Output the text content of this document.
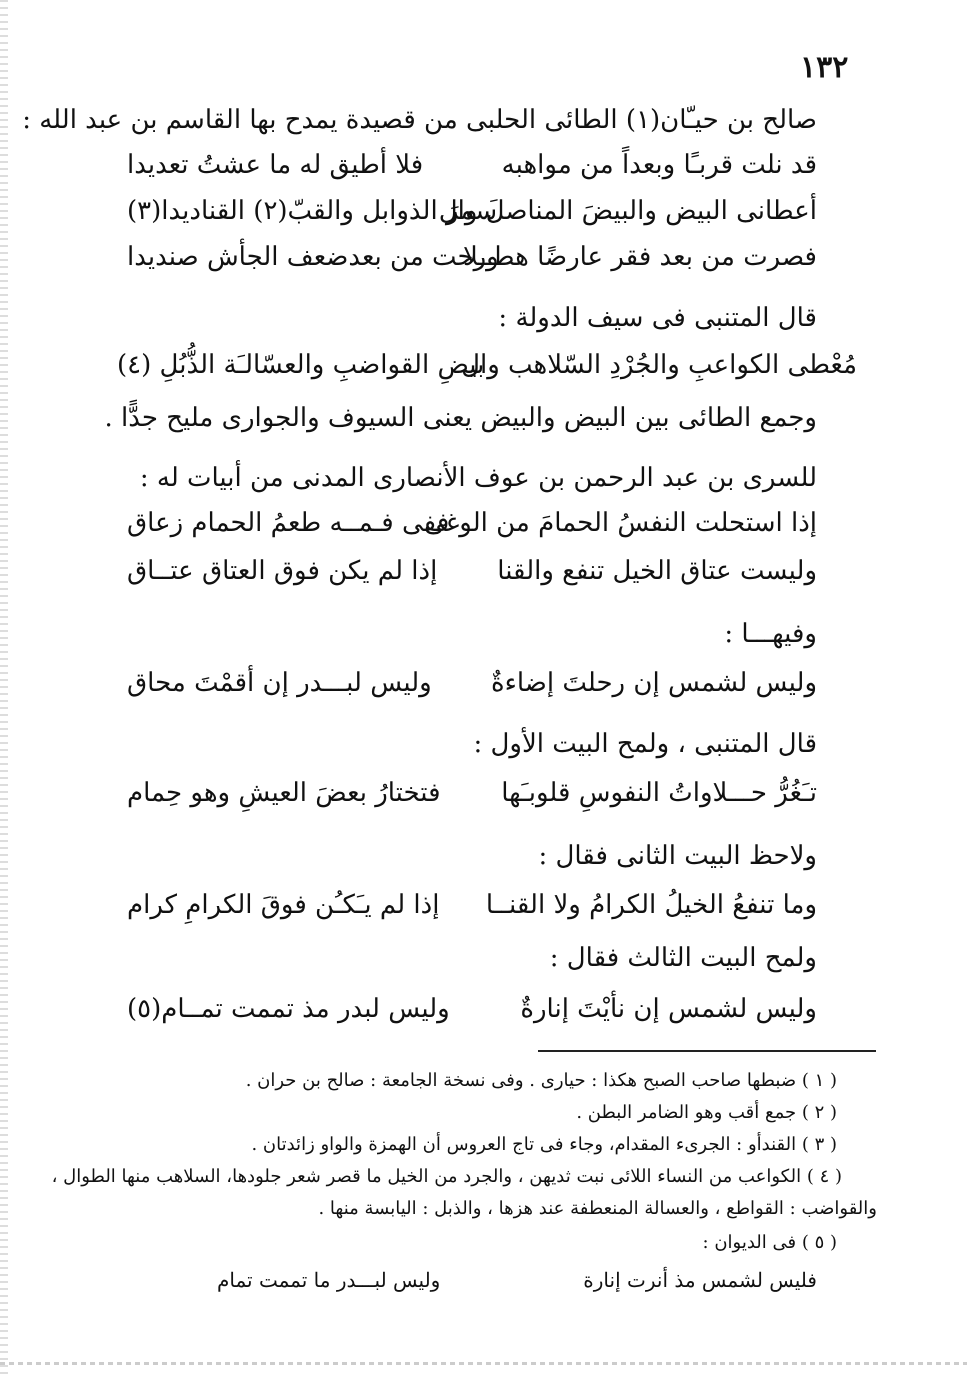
١٣٢
صالح بن حيـّان(١) الطائى الحلبى من قصيدة يمدح بها القاسم بن عبد الله :
قد نلت قربـًا وبعداً من مواهبه
فلا أطيق له ما عشتُ تعديدا
أعطانى البيض والبيضَ المناصلَ وال
سمرَ الذوابل والقبّ(٢) القناديدا(٣)
فصرت من بعد فقر عارضًا هطــلا
ورحت من بعدضعف الجأش صنديدا
قال المتنبى فى سيف الدولة :
مُعْطى الكواعبِ والجُرْدِ السّلاهب وال
بيضِ القواضبِ والعسّالـَة الذُّبُلِ (٤)
وجمع الطائى بين البيض والبيض يعنى السيوف والجوارى مليح جدًّا .
للسرى بن عبد الرحمن بن عوف الأنصارى المدنى من أبيات له :
إذا استحلت النفسُ الحمامَ من الوغى
ففى فـمــه طعمُ الحمام زعاق
وليست عتاق الخيل تنفع والقنا
إذا لم يكن فوق العتاق عتــاق
وفيهـــا :
وليس لشمس إن رحلتَ إضاءةٌ
وليس لبـــدر إن أقمْتَ محاق
قال المتنبى ، ولمح البيت الأول :
تـَغُرُّ حـــلاواتُ النفوسِ قلوبـَها
فتختارُ بعضَ العيشِ وهو حِمام
ولاحظ البيت الثانى فقال :
وما تنفعُ الخيلُ الكرامُ ولا القنــا
إذا لم يـَكـُن فوقَ الكرامِ كرام
ولمح البيت الثالث فقال :
وليس لشمس إن نأيْتَ إنارةٌ
وليس لبدر مذ تممت تمــام(٥)
( ١ ) ضبطها صاحب الصبح هكذا : حيارى . وفى نسخة الجامعة : صالح بن حران .
( ٢ ) جمع أقب وهو الضامر البطن .
( ٣ ) القندأو : الجرىء المقدام، وجاء فى تاج العروس أن الهمزة والواو زائدتان .
( ٤ ) الكواعب من النساء اللائى نبت ثديهن ، والجرد من الخيل ما قصر شعر جلودها، السلاهب منها الطوال ،
والقواضب : القواطع ، والعسالة المنعطفة عند هزها ، والذبل : اليابسة منها .
( ٥ ) فى الديوان :
فليس لشمس مذ أنرت إنارة
وليس لبـــدر ما تممت تمام
